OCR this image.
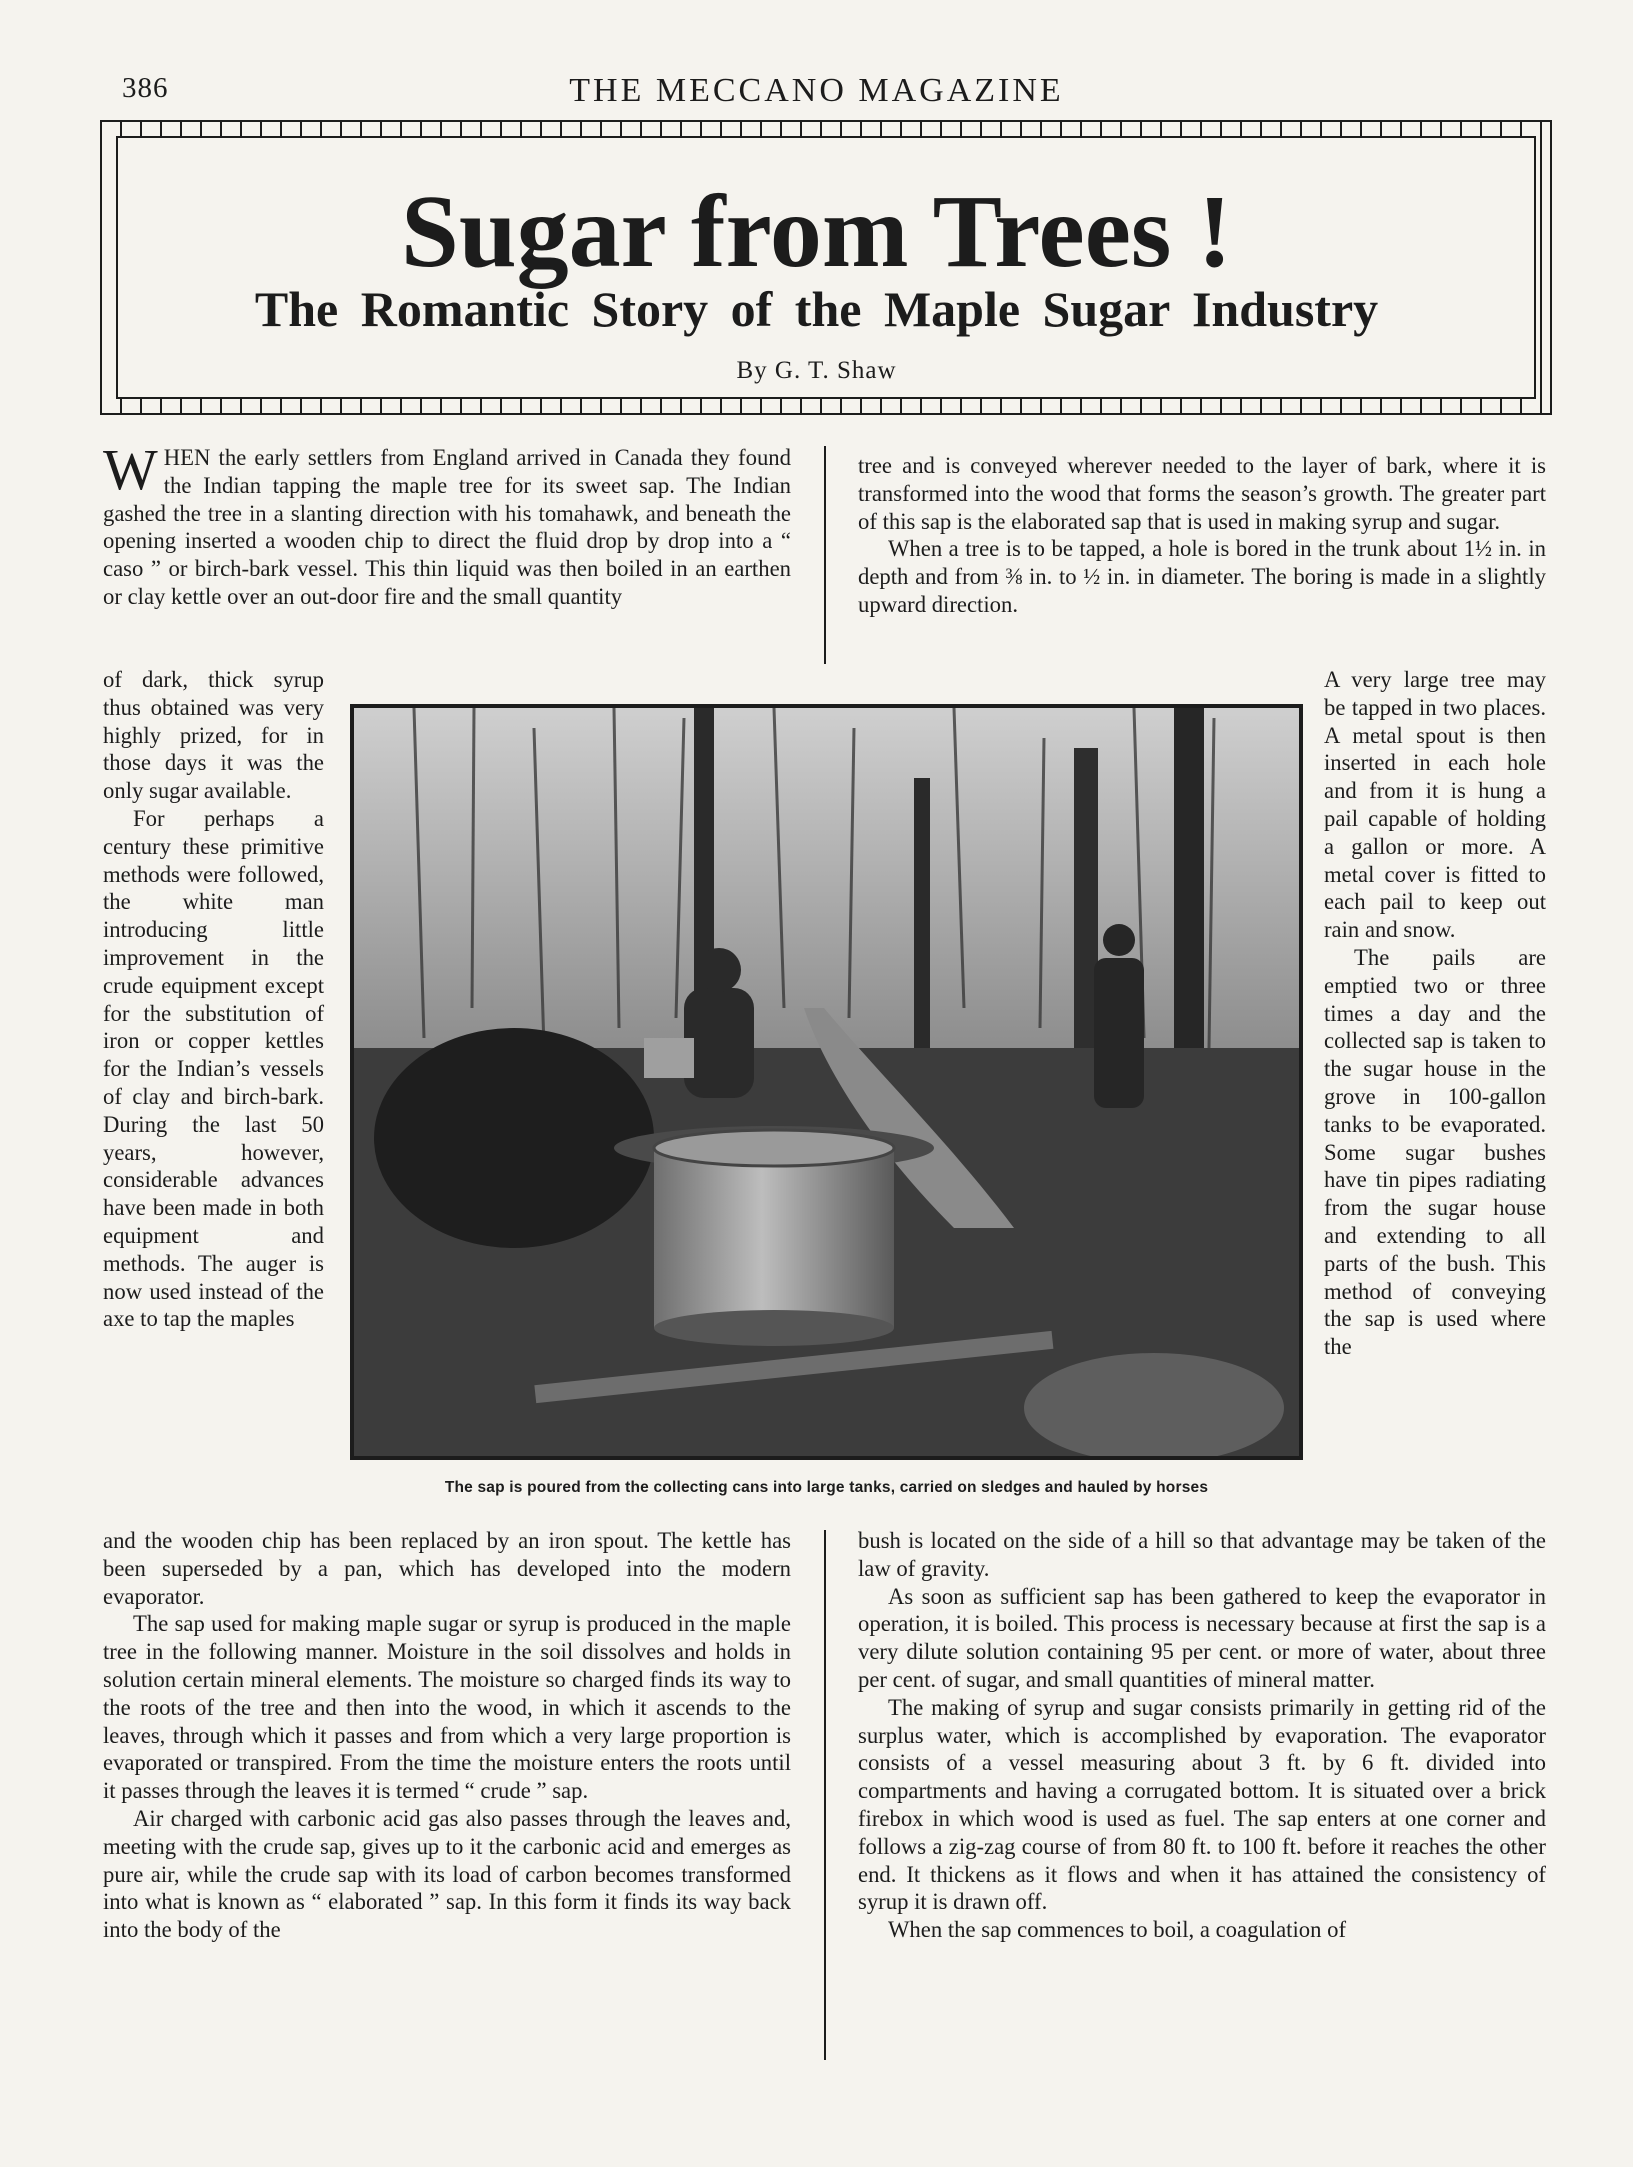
386	THE MECCANO MAGAZINE
Sugar from Trees !
The Romantic Story of the Maple Sugar Industry
By G. T. Shaw

WHEN the early settlers from England arrived in Canada they found the Indian tapping the maple tree for its sweet sap. The Indian gashed the tree in a slanting direction with his tomahawk, and beneath the opening inserted a wooden chip to direct the fluid drop by drop into a “ caso ” or birch-bark vessel. This thin liquid was then boiled in an earthen or clay kettle over an out-door fire and the small quantity

of dark, thick syrup thus obtained was very highly prized, for in those days it was the only sugar available.

For perhaps a century these primitive methods were followed, the white man introducing little improvement in the crude equipment except for the substitution of iron or copper kettles for the Indian’s vessels of clay and birch-bark. During the last 50 years, however, considerable advances have been made in both equipment and methods. The auger is now used instead of the axe to tap the maples

The sap is poured from the collecting cans into large tanks, carried on sledges and hauled by horses

tree and is conveyed wherever needed to the layer of bark, where it is transformed into the wood that forms the season’s growth. The greater part of this sap is the elaborated sap that is used in making syrup and sugar.

When a tree is to be tapped, a hole is bored in the trunk about 1½ in. in depth and from ⅜ in. to ½ in. in diameter. The boring is made in a slightly upward direction.

A very large tree may be tapped in two places. A metal spout is then inserted in each hole and from it is hung a pail capable of holding a gallon or more. A metal cover is fitted to each pail to keep out rain and snow.

The pails are emptied two or three times a day and the collected sap is taken to the sugar house in the grove in 100-gallon tanks to be evaporated. Some sugar bushes have tin pipes radiating from the sugar house and extending to all parts of the bush. This method of conveying the sap is used where the

and the wooden chip has been replaced by an iron spout. The kettle has been superseded by a pan, which has developed into the modern evaporator.

The sap used for making maple sugar or syrup is produced in the maple tree in the following manner. Moisture in the soil dissolves and holds in solution certain mineral elements. The moisture so charged finds its way to the roots of the tree and then into the wood, in which it ascends to the leaves, through which it passes and from which a very large proportion is evaporated or transpired. From the time the moisture enters the roots until it passes through the leaves it is termed “ crude ” sap.

Air charged with carbonic acid gas also passes through the leaves and, meeting with the crude sap, gives up to it the carbonic acid and emerges as pure air, while the crude sap with its load of carbon becomes transformed into what is known as “ elaborated ” sap. In this form it finds its way back into the body of the

bush is located on the side of a hill so that advantage may be taken of the law of gravity.

As soon as sufficient sap has been gathered to keep the evaporator in operation, it is boiled. This process is necessary because at first the sap is a very dilute solution containing 95 per cent. or more of water, about three per cent. of sugar, and small quantities of mineral matter.

The making of syrup and sugar consists primarily in getting rid of the surplus water, which is accomplished by evaporation. The evaporator consists of a vessel measuring about 3 ft. by 6 ft. divided into compartments and having a corrugated bottom. It is situated over a brick firebox in which wood is used as fuel. The sap enters at one corner and follows a zig-zag course of from 80 ft. to 100 ft. before it reaches the other end. It thickens as it flows and when it has attained the consistency of syrup it is drawn off.

When the sap commences to boil, a coagulation of
